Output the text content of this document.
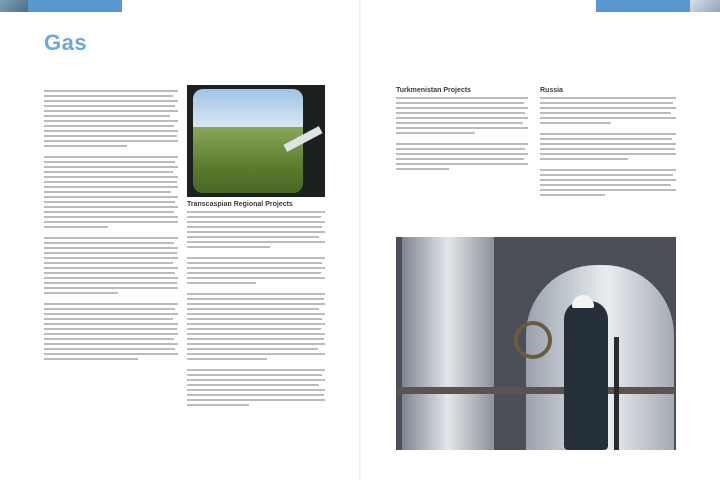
Gas
Transcaspian Regional Projects
Turkmenistan Projects	Russia
